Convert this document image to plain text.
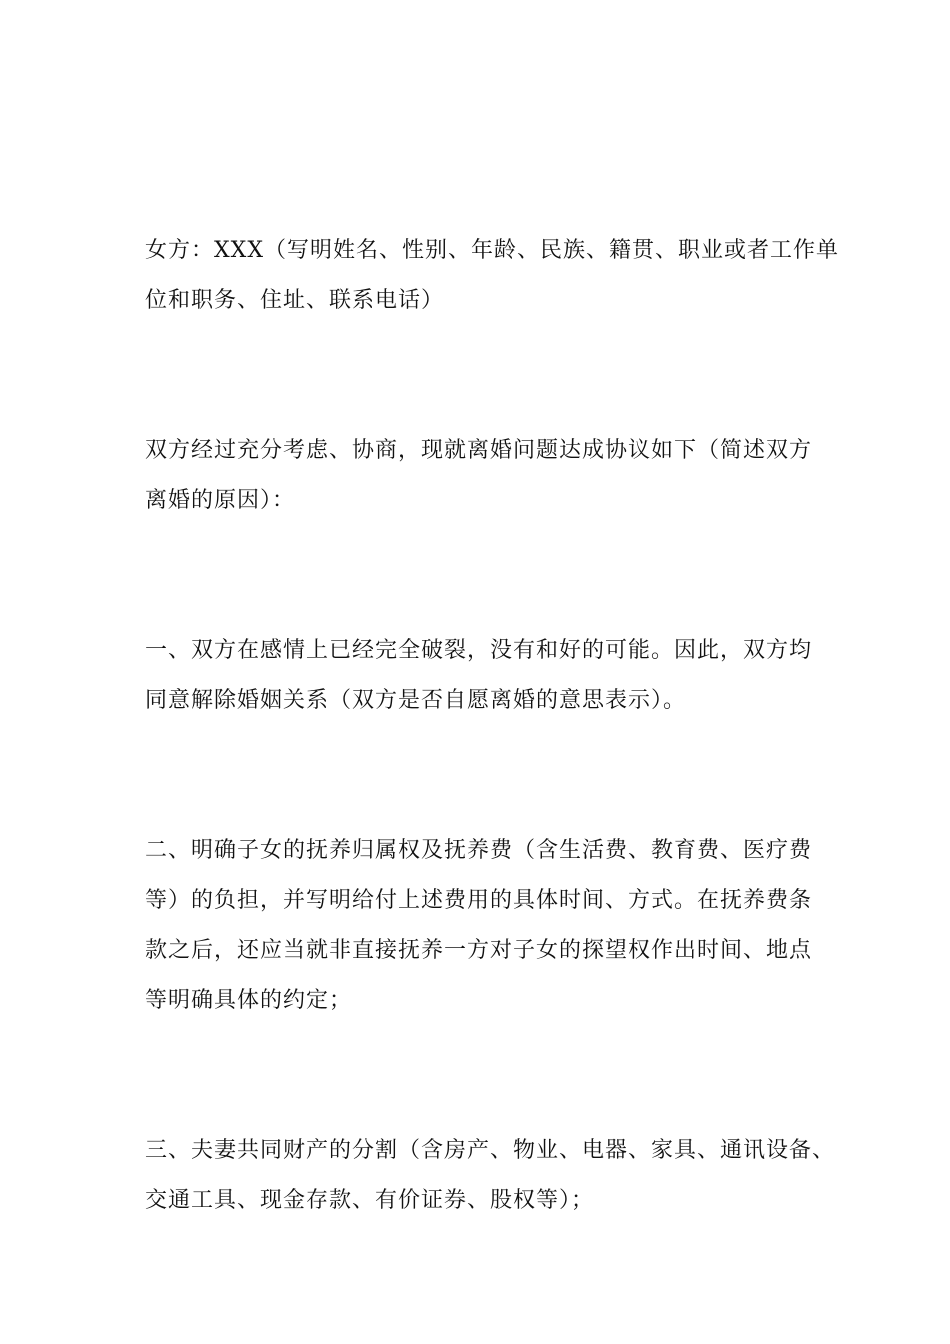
女方：XXX（写明姓名、性别、年龄、民族、籍贯、职业或者工作单
位和职务、住址、联系电话）

双方经过充分考虑、协商，现就离婚问题达成协议如下（简述双方
离婚的原因）：

一、双方在感情上已经完全破裂，没有和好的可能。因此，双方均
同意解除婚姻关系（双方是否自愿离婚的意思表示）。

二、明确子女的抚养归属权及抚养费（含生活费、教育费、医疗费
等）的负担，并写明给付上述费用的具体时间、方式。在抚养费条
款之后，还应当就非直接抚养一方对子女的探望权作出时间、地点
等明确具体的约定；

三、夫妻共同财产的分割（含房产、物业、电器、家具、通讯设备、
交通工具、现金存款、有价证券、股权等）；
